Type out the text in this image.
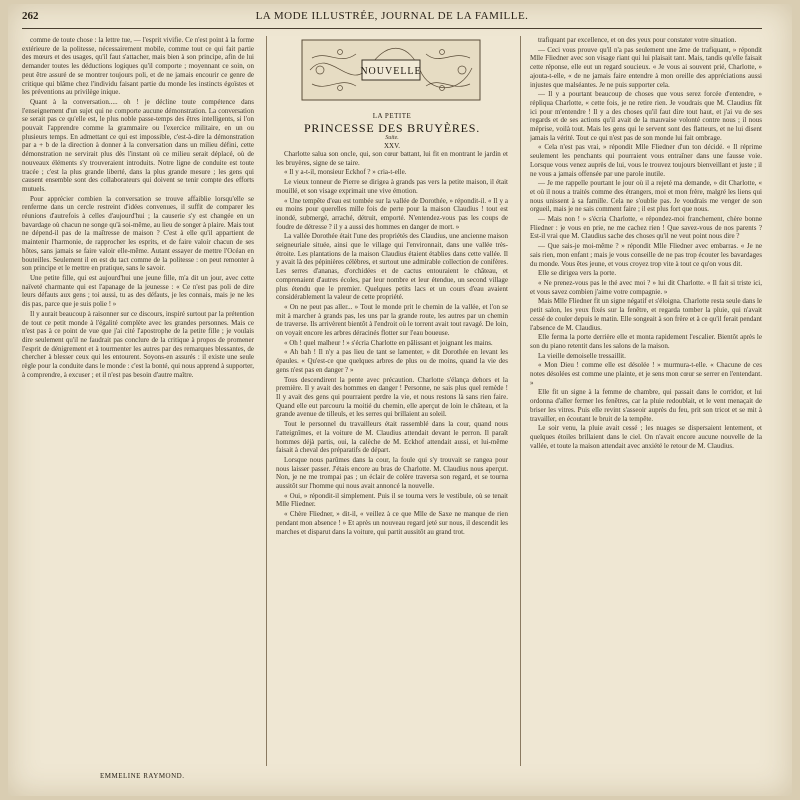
262	LA MODE ILLUSTRÉE, JOURNAL DE LA FAMILLE.

comme de toute chose : la lettre tue, — l'esprit vivifie. Ce n'est point à la forme extérieure de la politesse, nécessairement mobile, comme tout ce qui fait partie des mœurs et des usages, qu'il faut s'attacher, mais bien à son principe, afin de lui demander toutes les déductions logiques qu'il comporte ; moyennant ce soin, on peut être assuré de se montrer toujours poli, et de ne jamais encourir ce genre de critique qui blâme chez l'individu faisant partie du monde les instincts égoïstes et les préventions au privilège inique.

Quant à la conversation..... oh ! je décline toute compétence dans l'enseignement d'un sujet qui ne comporte aucune démonstration. La conversation se serait pas ce qu'elle est, le plus noble passe-temps des êtres intelligents, si l'on pouvait l'apprendre comme la grammaire ou l'exercice militaire, en un ou plusieurs temps. En admettant ce qui est impossible, c'est-à-dire la démonstration par a + b de la direction à donner à la conversation dans un milieu défini, cette démonstration ne servirait plus dès l'instant où ce milieu serait déplacé, où de nouveaux éléments s'y trouveraient introduits. Notre ligne de conduite est toute tracée ; c'est la plus grande liberté, dans la plus grande mesure ; les gens qui causent ensemble sont des collaborateurs qui doivent se tenir compte des efforts mutuels.

Pour apprécier combien la conversation se trouve affaiblie lorsqu'elle se renferme dans un cercle restreint d'idées convenues, il suffit de comparer les réunions d'autrefois à celles d'aujourd'hui ; la causerie s'y est changée en un bavardage où chacun ne songe qu'à soi-même, au lieu de songer à plaire. Mais tout ne dépend-il pas de la maîtresse de maison ? C'est à elle qu'il appartient de maintenir l'harmonie, de rapprocher les esprits, et de faire valoir chacun de ses hôtes, sans jamais se faire valoir elle-même. Autant essayer de mettre l'Océan en bouteilles. Seulement il en est du tact comme de la politesse : on peut remonter à son principe et le mettre en pratique, sans le savoir.

Une petite fille, qui est aujourd'hui une jeune fille, m'a dit un jour, avec cette naïveté charmante qui est l'apanage de la jeunesse : « Ce n'est pas poli de dire leurs défauts aux gens ; toi aussi, tu as des défauts, je les connais, mais je ne les dis pas, parce que je suis polie ! »

Il y aurait beaucoup à raisonner sur ce discours, inspiré surtout par la prétention de tout ce petit monde à l'égalité complète avec les grandes personnes. Mais ce n'est pas à ce point de vue que j'ai cité l'apostrophe de la petite fille ; je voulais dire seulement qu'il ne faudrait pas conclure de la critique à propos de promener l'esprit de dénigrement et à tourmenter les autres par des remarques blessantes, de chercher à blesser ceux qui les entourent. Soyons-en assurés : il existe une seule règle pour la conduite dans le monde : c'est la bonté, qui nous apprend à supporter, à comprendre, à excuser ; et il n'est pas besoin d'autre maître.

NOUVELLE
LA PETITE
PRINCESSE DES BRUYÈRES.
Suite.
XXV.

Charlotte salua son oncle, qui, son cœur battant, lui fit en montrant le jardin et les bruyères, signe de se taire.

« Il y a-t-il, monsieur Eckhof ? » cria-t-elle.

Le vieux tonneur de Pierre se dirigea à grands pas vers la petite maison, il était mouillé, et son visage exprimait une vive émotion.

« Une tempête d'eau est tombée sur la vallée de Dorothée, » répondit-il. « Il y a eu moins pour querelles mille fois de perte pour la maison Claudius ! tout est inondé, submergé, arraché, détruit, emporté. N'entendez-vous pas les coups de foudre de détresse ? il y a aussi des hommes en danger de mort. »

La vallée Dorothée était l'une des propriétés des Claudius, une ancienne maison seigneuriale située, ainsi que le village qui l'environnait, dans une vallée très-étroite. Les plantations de la maison Claudius étaient établies dans cette vallée. Il y avait là des pépinières célèbres, et surtout une admirable collection de conifères. Les serres d'ananas, d'orchidées et de cactus entouraient le château, et comprenaient d'autres écoles, par leur nombre et leur étendue, un second village plus étendu que le premier. Quelques petits lacs et un cours d'eau avaient considérablement la valeur de cette propriété.

« On ne peut pas aller... » Tout le monde prit le chemin de la vallée, et l'on se mit à marcher à grands pas, les uns par la grande route, les autres par un chemin de traverse. Ils arrivèrent bientôt à l'endroit où le torrent avait tout ravagé. De loin, on voyait encore les arbres déracinés flotter sur l'eau boueuse.

« Oh ! quel malheur ! » s'écria Charlotte en pâlissant et joignant les mains.

« Ah bah ! Il n'y a pas lieu de tant se lamenter, » dit Dorothée en levant les épaules. « Qu'est-ce que quelques arbres de plus ou de moins, quand la vie des gens n'est pas en danger ? »

Tous descendirent la pente avec précaution. Charlotte s'élança dehors et la première. Il y avait des hommes en danger ! Personne, ne sais plus quel remède ! Il y avait des gens qui pourraient perdre la vie, et nous restons là sans rien faire. Quand elle eut parcouru la moitié du chemin, elle aperçut de loin le château, et la grande avenue de tilleuls, et les serres qui brillaient au soleil.

Tout le personnel du travailleurs était rassemblé dans la cour, quand nous l'atteignîmes, et la voiture de M. Claudius attendait devant le perron. Il paraît hommes déjà partis, oui, la calèche de M. Eckhof attendait aussi, et lui-même faisait à cheval des préparatifs de départ.

Lorsque nous parûmes dans la cour, la foule qui s'y trouvait se rangea pour nous laisser passer. J'étais encore au bras de Charlotte. M. Claudius nous aperçut. Non, je ne me trompai pas ; un éclair de colère traversa son regard, et se tourna aussitôt sur l'homme qui nous avait annoncé la nouvelle.

« Oui, » répondit-il simplement. Puis il se tourna vers le vestibule, où se tenait Mlle Fliedner.

« Chère Fliedner, » dit-il, « veillez à ce que Mlle de Saxe ne manque de rien pendant mon absence ! » Et après un nouveau regard jeté sur nous, il descendit les marches et disparut dans la voiture, qui partit aussitôt au grand trot.

trafiquant par excellence, et on des yeux pour constater votre situation.

— Ceci vous prouve qu'il n'a pas seulement une âme de trafiquant, » répondit Mlle Fliedner avec son visage riant qui lui plaisait tant. Mais, tandis qu'elle faisait cette réponse, elle eut un regard soucieux. « Je vous ai souvent prié, Charlotte, » ajouta-t-elle, « de ne jamais faire entendre à mon oreille des appréciations aussi injustes que malséantes. Je ne puis supporter cela.

— Il y a pourtant beaucoup de choses que vous serez forcée d'entendre, » répliqua Charlotte, « cette fois, je ne retire rien. Je voudrais que M. Claudius fût ici pour m'entendre ! Il y a des choses qu'il faut dire tout haut, et j'ai vu de ses regards et de ses actions qu'il avait de la mauvaise volonté contre nous ; il nous méprise, voilà tout. Mais les gens qui le servent sont des flatteurs, et ne lui disent jamais la vérité. Tout ce qui n'est pas de son monde lui fait ombrage.

« Cela n'est pas vrai, » répondit Mlle Fliedner d'un ton décidé. « Il réprime seulement les penchants qui pourraient vous entraîner dans une fausse voie. Lorsque vous venez auprès de lui, vous le trouvez toujours bienveillant et juste ; il ne vous a jamais offensée par une parole inutile.

— Je me rappelle pourtant le jour où il a rejeté ma demande, » dit Charlotte, « et où il nous a traités comme des étrangers, moi et mon frère, malgré les liens qui nous unissent à sa famille. Cela ne s'oublie pas. Je voudrais me venger de son orgueil, mais je ne sais comment faire ; il est plus fort que nous.

— Mais non ! » s'écria Charlotte, « répondez-moi franchement, chère bonne Fliedner : je vous en prie, ne me cachez rien ! Que savez-vous de nos parents ? Est-il vrai que M. Claudius sache des choses qu'il ne veut point nous dire ?

— Que sais-je moi-même ? » répondit Mlle Fliedner avec embarras. « Je ne sais rien, mon enfant ; mais je vous conseille de ne pas trop écouter les bavardages du monde. Vous êtes jeune, et vous croyez trop vite à tout ce qu'on vous dit.

Elle se dirigea vers la porte.

« Ne prenez-vous pas le thé avec moi ? » lui dit Charlotte. « Il fait si triste ici, et vous savez combien j'aime votre compagnie. »

Mais Mlle Fliedner fit un signe négatif et s'éloigna. Charlotte resta seule dans le petit salon, les yeux fixés sur la fenêtre, et regarda tomber la pluie, qui n'avait cessé de couler depuis le matin. Elle songeait à son frère et à ce qu'il ferait pendant l'absence de M. Claudius.

Elle ferma la porte derrière elle et monta rapidement l'escalier. Bientôt après le son du piano retentit dans les salons de la maison.

La vieille demoiselle tressaillit.

« Mon Dieu ! comme elle est désolée ! » murmura-t-elle. « Chacune de ces notes désolées est comme une plainte, et je sens mon cœur se serrer en l'entendant. »

Elle fit un signe à la femme de chambre, qui passait dans le corridor, et lui ordonna d'aller fermer les fenêtres, car la pluie redoublait, et le vent menaçait de briser les vitres. Puis elle revint s'asseoir auprès du feu, prit son tricot et se mit à travailler, en écoutant le bruit de la tempête.

Le soir venu, la pluie avait cessé ; les nuages se dispersaient lentement, et quelques étoiles brillaient dans le ciel. On n'avait encore aucune nouvelle de la vallée, et toute la maison attendait avec anxiété le retour de M. Claudius.

EMMELINE RAYMOND.
